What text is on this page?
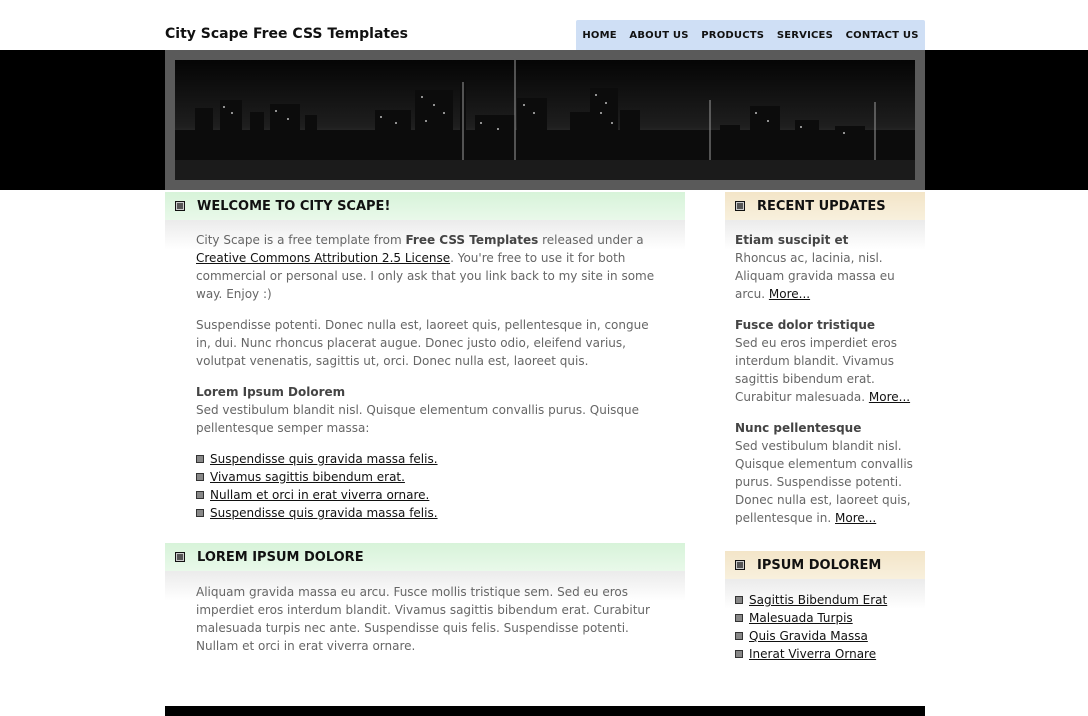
City Scape Free CSS Templates	HOME ABOUT US PRODUCTS SERVICES CONTACT US
WELCOME TO CITY SCAPE!
City Scape is a free template from Free CSS Templates released under a Creative Commons Attribution 2.5 License. You're free to use it for both commercial or personal use. I only ask that you link back to my site in some way. Enjoy :)

Suspendisse potenti. Donec nulla est, laoreet quis, pellentesque in, congue in, dui. Nunc rhoncus placerat augue. Donec justo odio, eleifend varius, volutpat venenatis, sagittis ut, orci. Donec nulla est, laoreet quis.

Lorem Ipsum Dolorem
Sed vestibulum blandit nisl. Quisque elementum convallis purus. Quisque pellentesque semper massa:
Suspendisse quis gravida massa felis.
Vivamus sagittis bibendum erat.
Nullam et orci in erat viverra ornare.
Suspendisse quis gravida massa felis.
LOREM IPSUM DOLORE

Aliquam gravida massa eu arcu. Fusce mollis tristique sem. Sed eu eros imperdiet eros interdum blandit. Vivamus sagittis bibendum erat. Curabitur malesuada turpis nec ante. Suspendisse quis felis. Suspendisse potenti. Nullam et orci in erat viverra ornare.

RECENT UPDATES
Etiam suscipit et
Rhoncus ac, lacinia, nisl. Aliquam gravida massa eu arcu. More...
Fusce dolor tristique
Sed eu eros imperdiet eros interdum blandit. Vivamus sagittis bibendum erat. Curabitur malesuada. More...
Nunc pellentesque
Sed vestibulum blandit nisl. Quisque elementum convallis purus. Suspendisse potenti. Donec nulla est, laoreet quis, pellentesque in. More...
IPSUM DOLOREM
Sagittis Bibendum Erat
Malesuada Turpis
Quis Gravida Massa
Inerat Viverra Ornare
